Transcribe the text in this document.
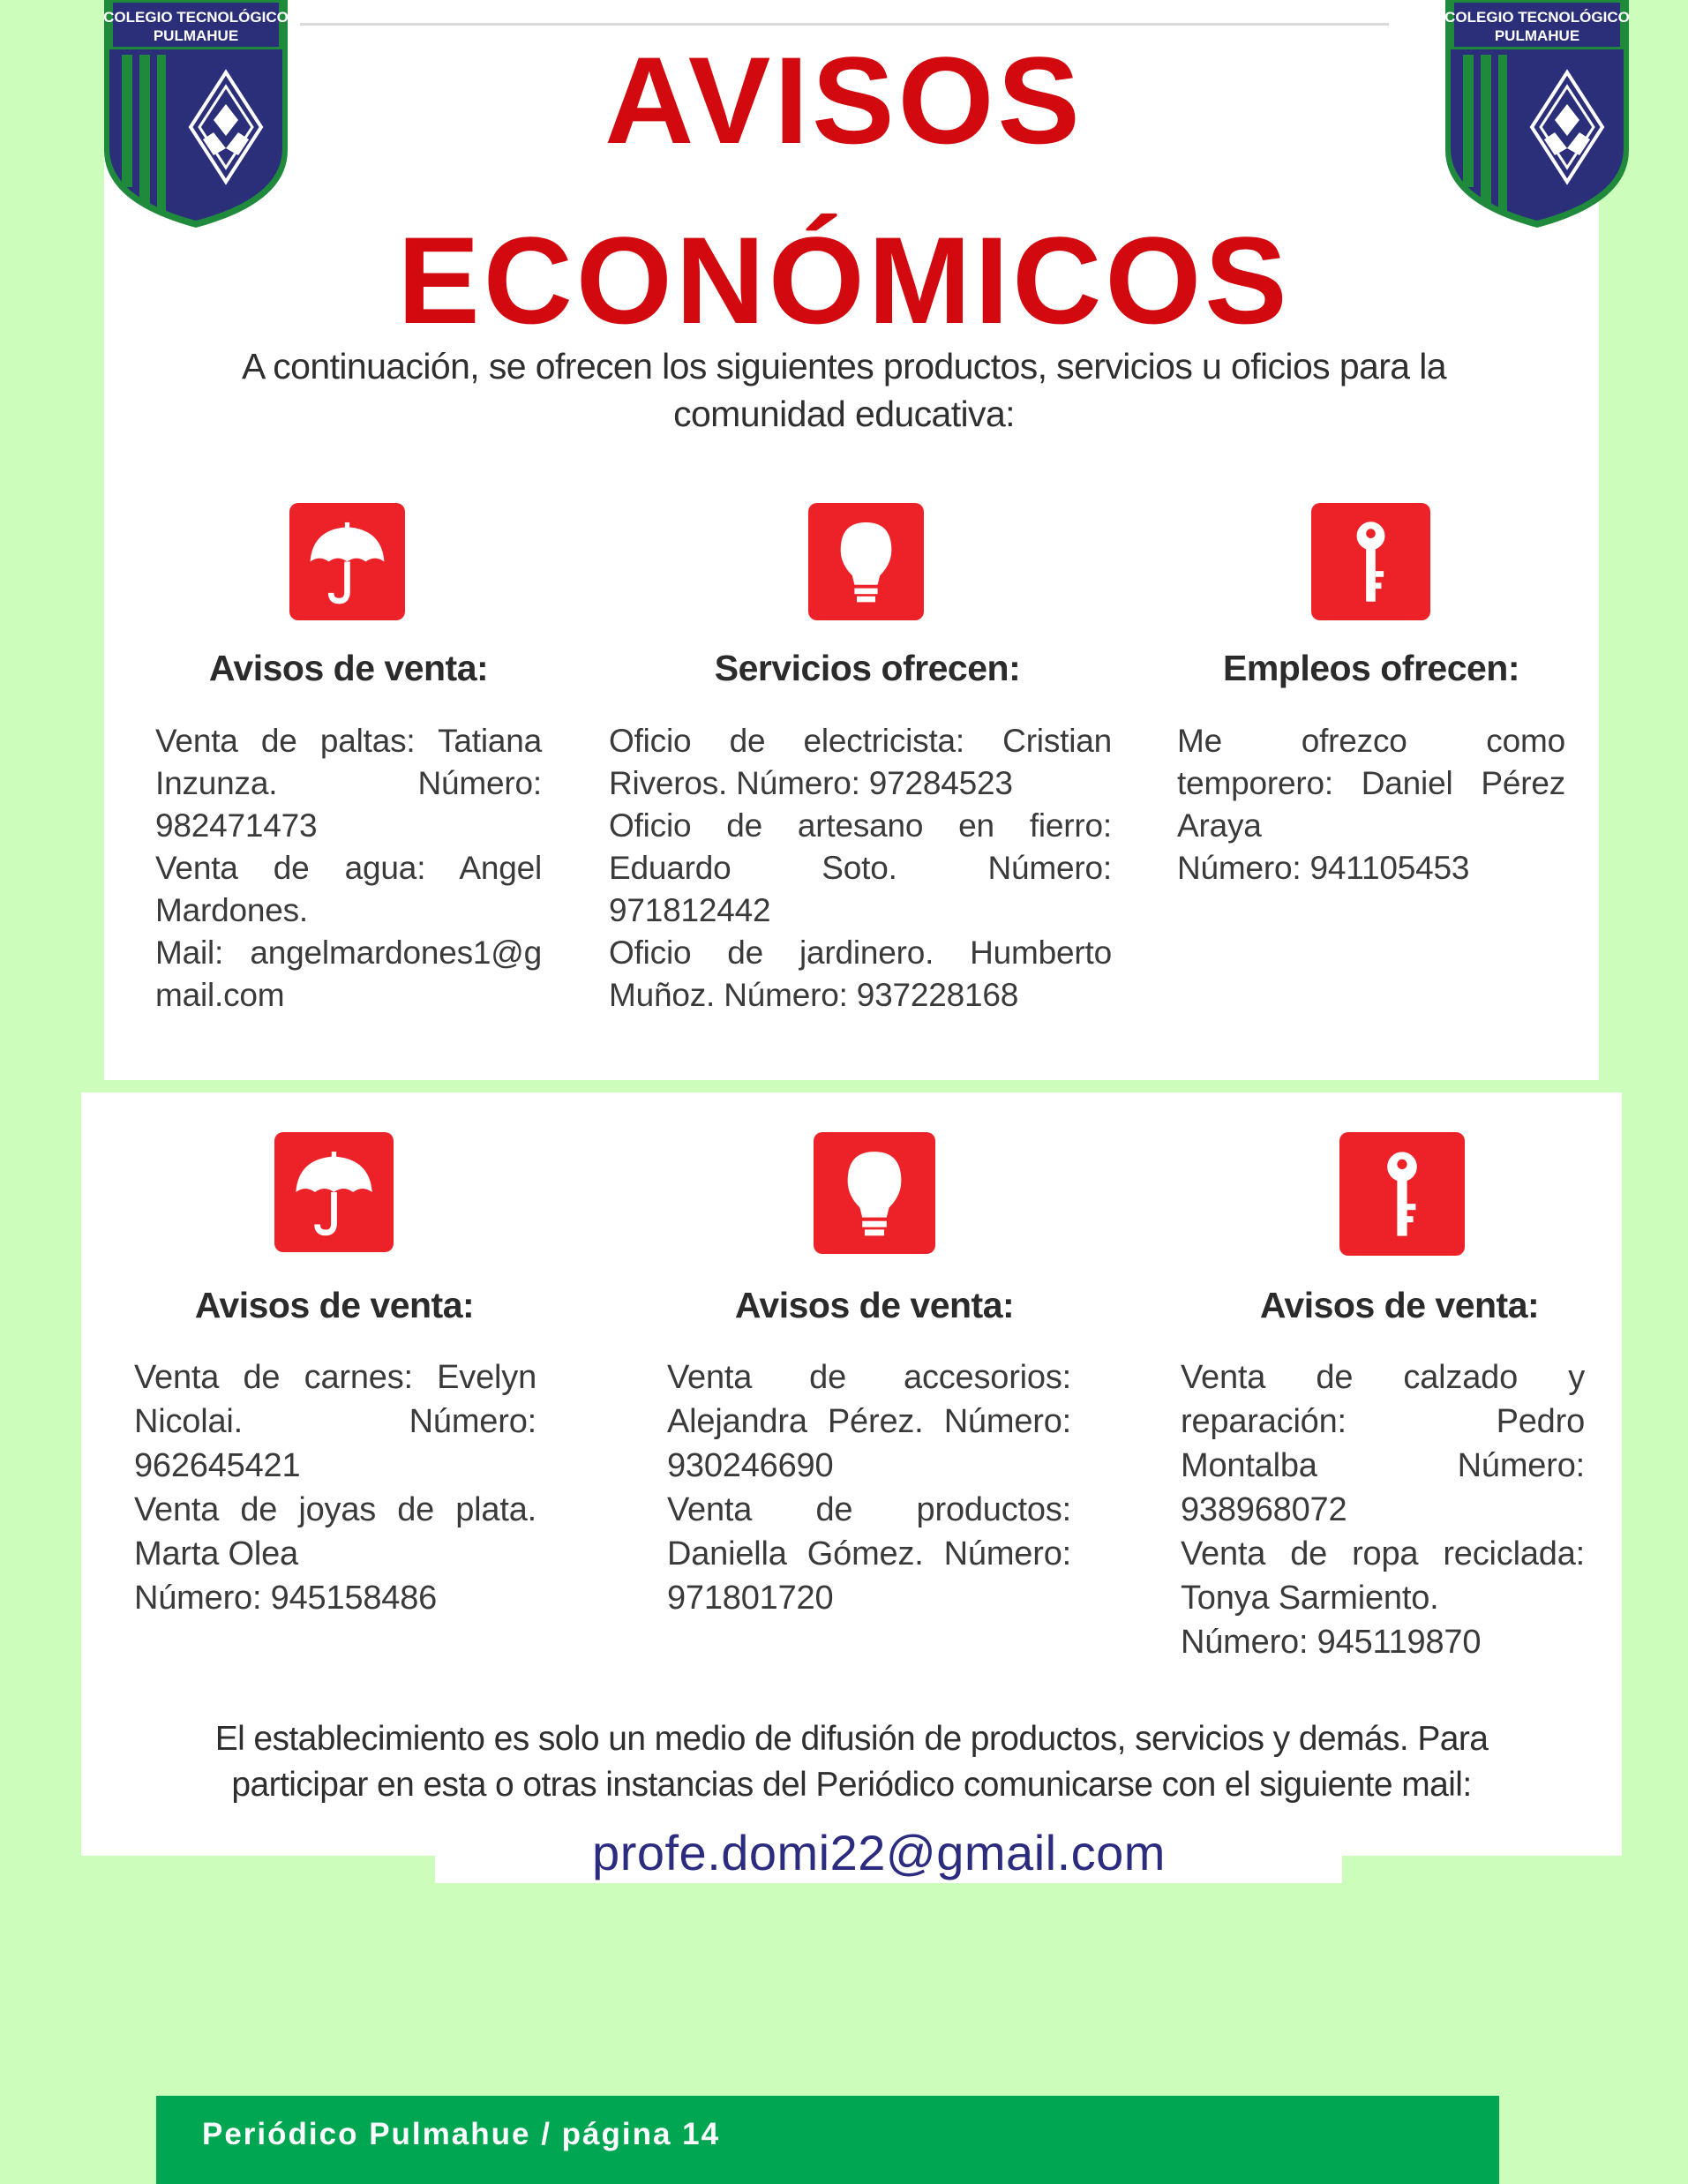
COLEGIO TECNOLÓGICO
PULMAHUE
COLEGIO TECNOLÓGICO
PULMAHUE
AVISOS
ECONÓMICOS
A continuación, se ofrecen los siguientes productos, servicios u oficios para la comunidad educativa:
Avisos de venta:

Venta de paltas: Tatiana Inzunza. Número: 982471473

Venta de agua: Angel Mardones.

Mail: angelmardones1@gmail.com

Servicios ofrecen:

Oficio de electricista: Cristian Riveros. Número: 97284523

Oficio de artesano en fierro: Eduardo Soto. Número: 971812442

Oficio de jardinero. Humberto Muñoz. Número: 937228168

Empleos ofrecen:

Me ofrezco como temporero: Daniel Pérez Araya

Número: 941105453

Avisos de venta:

Venta de carnes: Evelyn Nicolai. Número: 962645421

Venta de joyas de plata. Marta Olea

Número: 945158486

Avisos de venta:

Venta de accesorios: Alejandra Pérez. Número: 930246690

Venta de productos: Daniella Gómez. Número: 971801720

Avisos de venta:

Venta de calzado y reparación: Pedro Montalba Número: 938968072

Venta de ropa reciclada: Tonya Sarmiento.

Número: 945119870

El establecimiento es solo un medio de difusión de productos, servicios y demás. Para participar en esta o otras instancias del Periódico comunicarse con el siguiente mail:
profe.domi22@gmail.com
Periódico Pulmahue / página 14
